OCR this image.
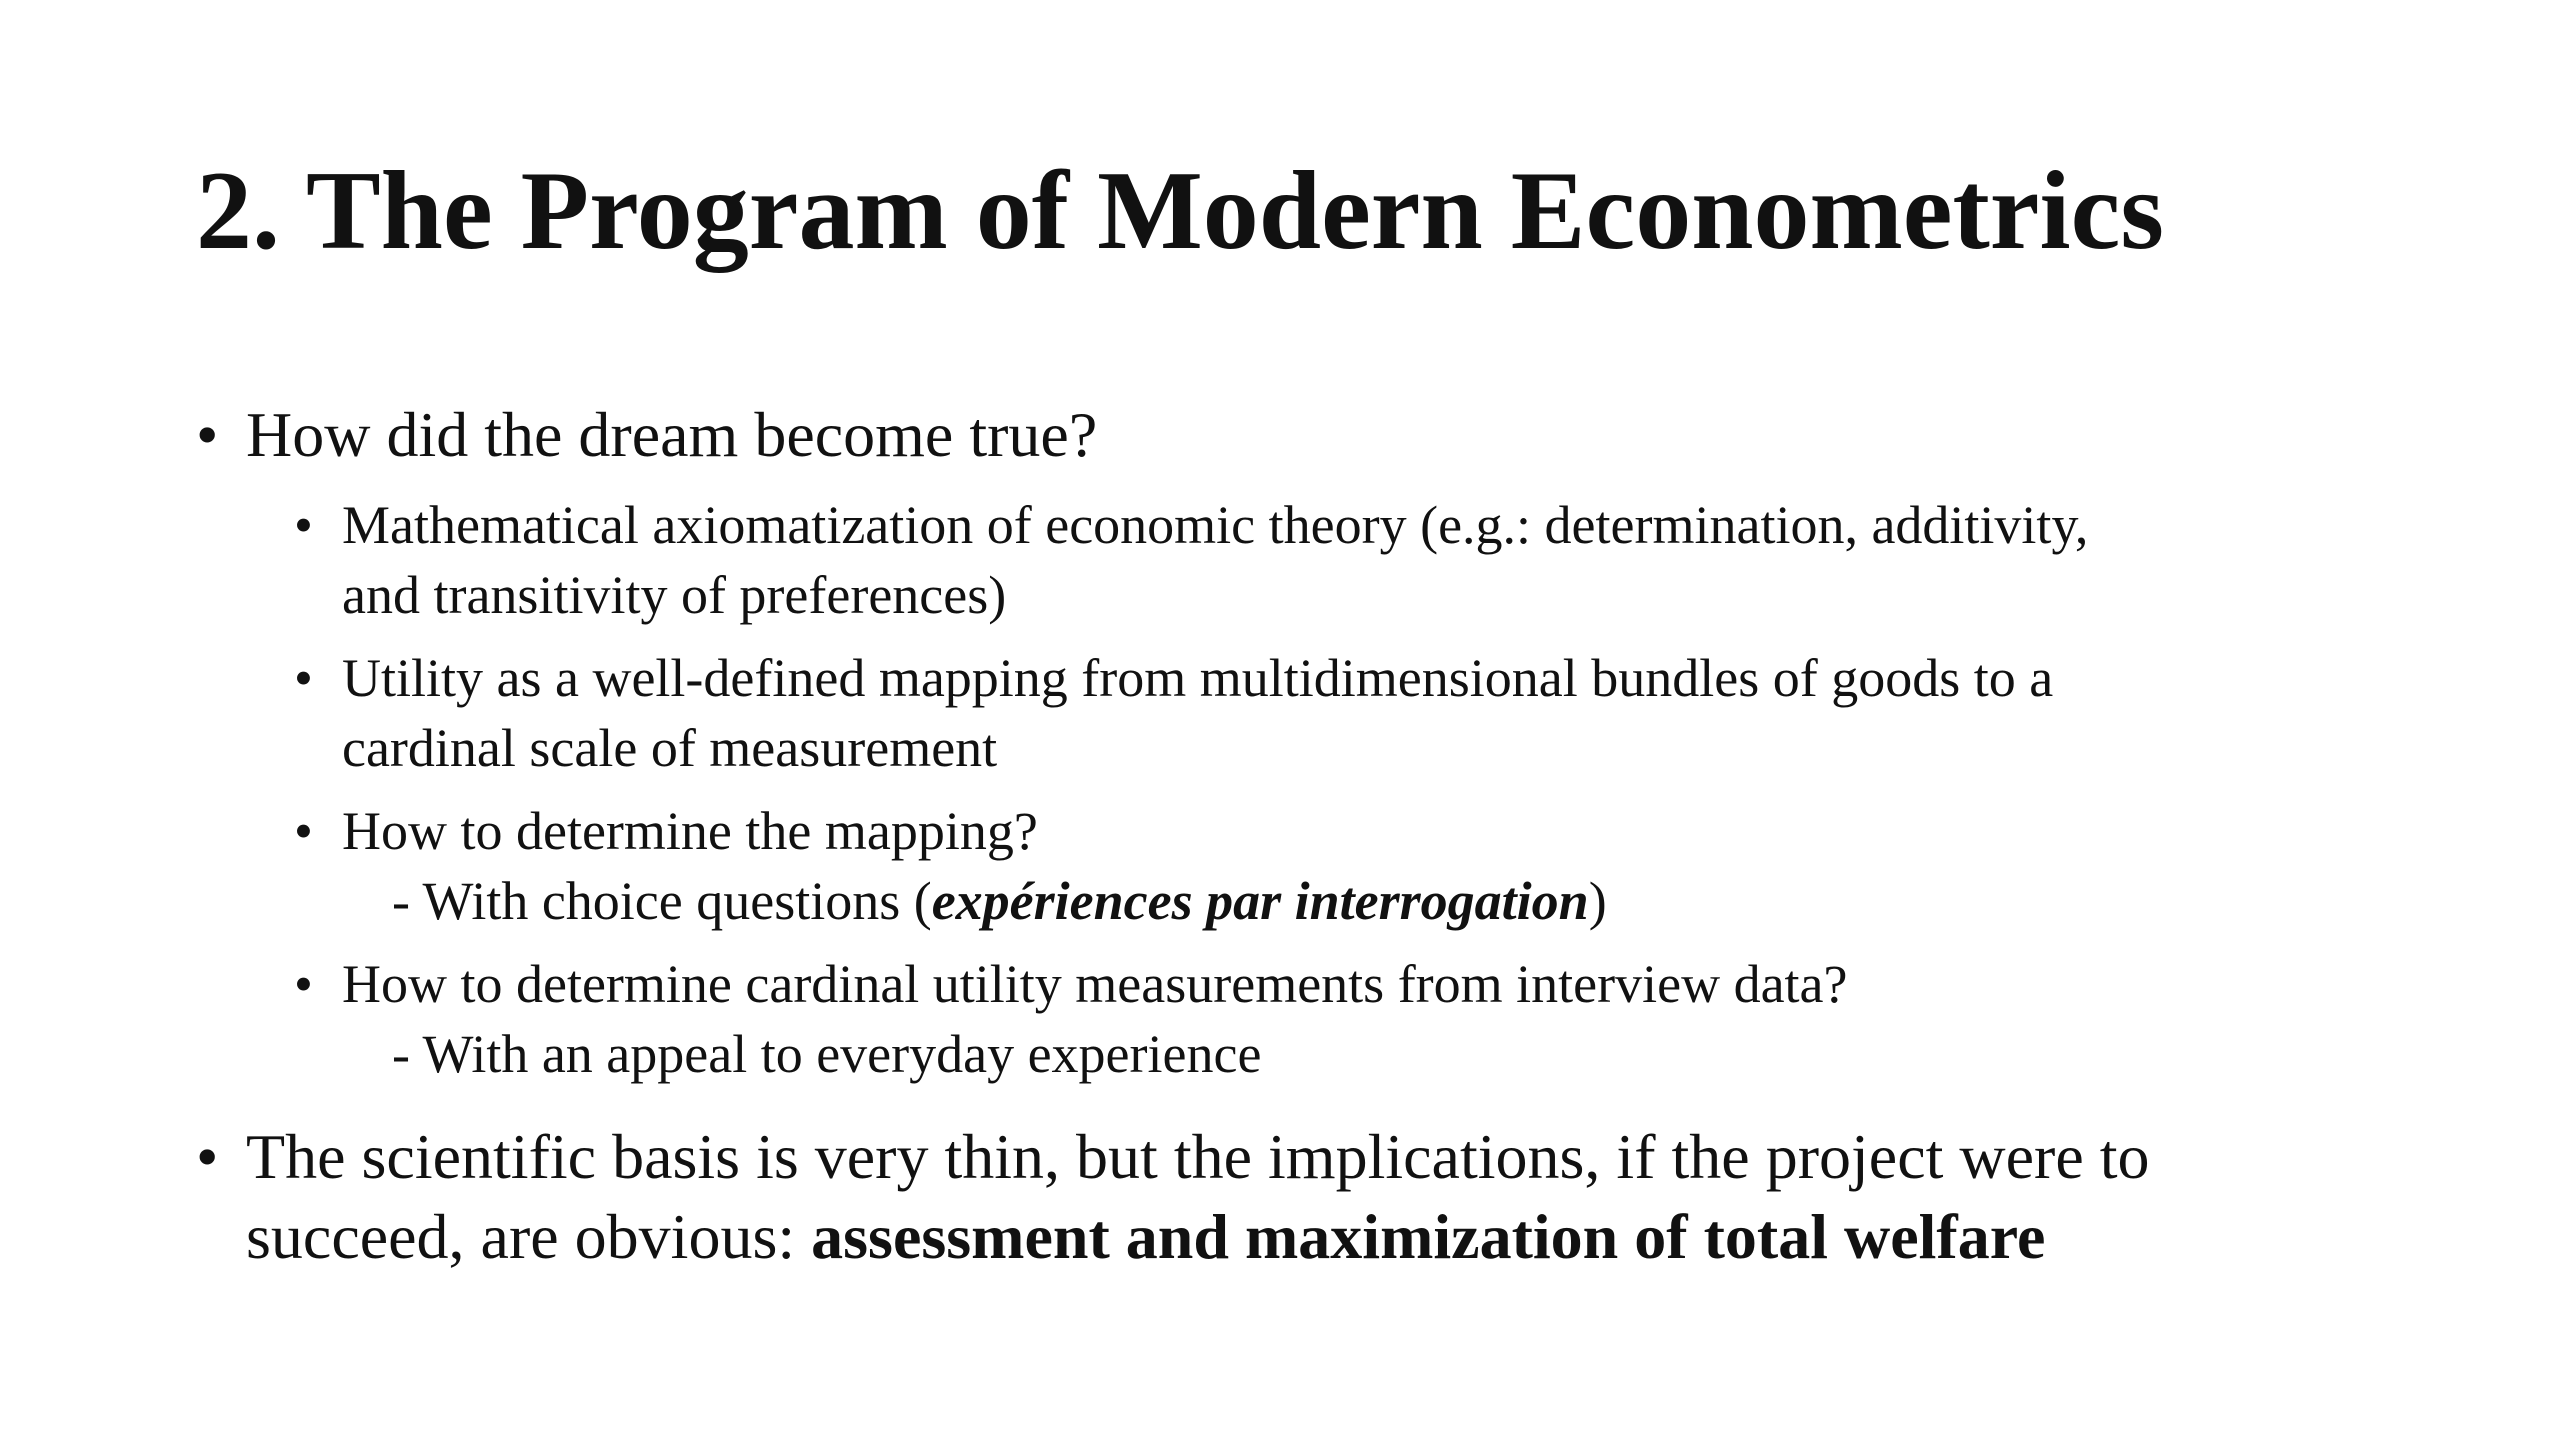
2. The Program of Modern Econometrics
• How did the dream become true?
• Mathematical axiomatization of economic theory (e.g.: determination, additivity,
and transitivity of preferences)
• Utility as a well-defined mapping from multidimensional bundles of goods to a
cardinal scale of measurement
• How to determine the mapping?
- With choice questions (expériences par interrogation)
• How to determine cardinal utility measurements from interview data?
- With an appeal to everyday experience
• The scientific basis is very thin, but the implications, if the project were to
succeed, are obvious: assessment and maximization of total welfare
